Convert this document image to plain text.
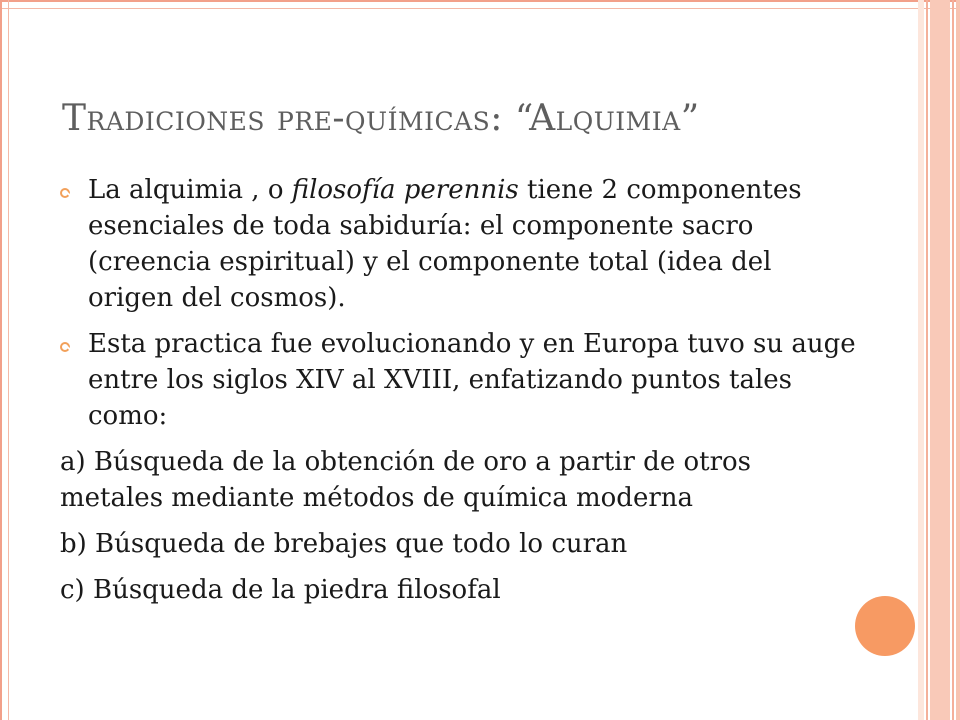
Tradiciones pre-químicas: “Alquimia”
La alquimia , o filosofía perennis tiene 2 componentes esenciales de toda sabiduría: el componente sacro (creencia espiritual) y el componente total (idea del origen del cosmos).
Esta practica fue evolucionando y en Europa tuvo su auge entre los siglos XIV al XVIII, enfatizando puntos tales como:
a) Búsqueda de la obtención de oro a partir de otros metales mediante métodos de química moderna
b) Búsqueda de brebajes que todo lo curan
c) Búsqueda de la piedra filosofal
